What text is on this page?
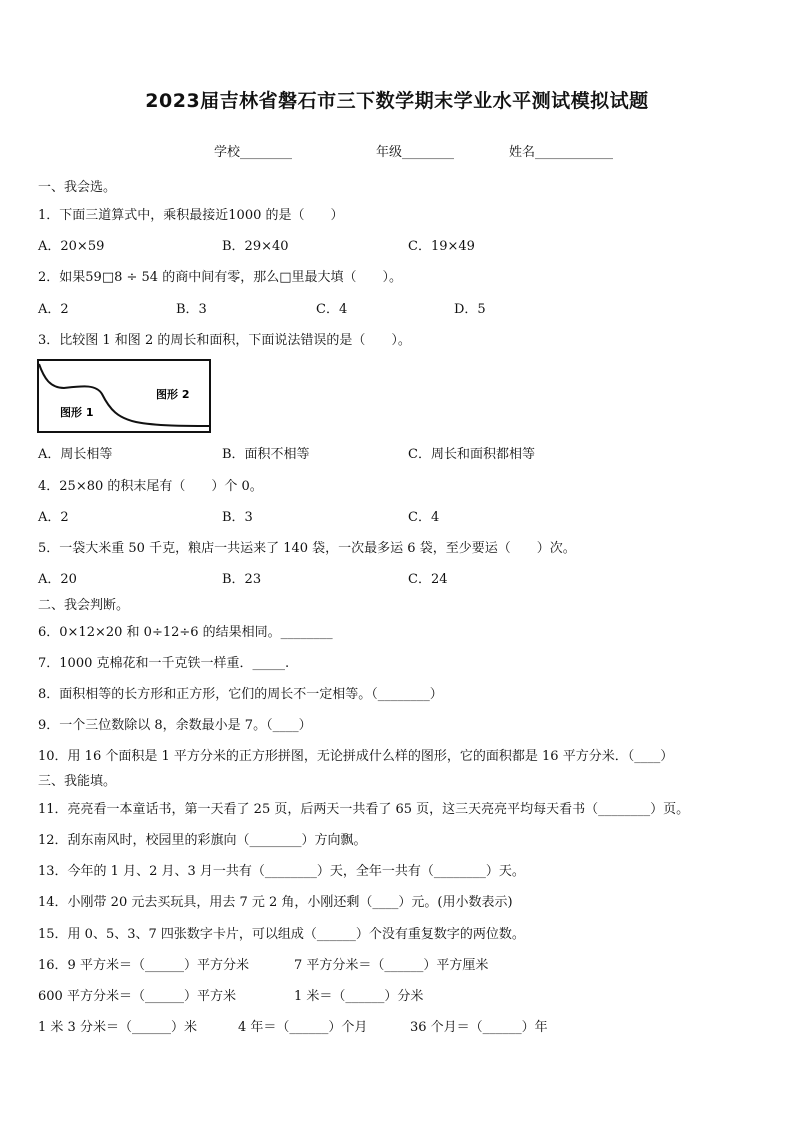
2023届吉林省磐石市三下数学期末学业水平测试模拟试题
学校________	年级________	姓名____________
一、我会选。
1．下面三道算式中，乘积最接近1000 的是（　　）
A．20×59	B．29×40	C．19×49
2．如果59□8 ÷ 54 的商中间有零，那么□里最大填（　　）。
A．2	B．3	C．4	D．5
3．比较图 1 和图 2 的周长和面积，下面说法错误的是（　　）。
图形 2
图形 1
A．周长相等	B．面积不相等	C．周长和面积都相等
4．25×80 的积末尾有（　　）个 0。
A．2	B．3	C．4
5．一袋大米重 50 千克，粮店一共运来了 140 袋，一次最多运 6 袋，至少要运（　　）次。
A．20	B．23	C．24
二、我会判断。
6．0×12×20 和 0÷12÷6 的结果相同。________
7．1000 克棉花和一千克铁一样重．_____.
8．面积相等的长方形和正方形，它们的周长不一定相等。（________）
9．一个三位数除以 8，余数最小是 7。（____）
10．用 16 个面积是 1 平方分米的正方形拼图，无论拼成什么样的图形，它的面积都是 16 平方分米．（____）
三、我能填。
11．亮亮看一本童话书，第一天看了 25 页，后两天一共看了 65 页，这三天亮亮平均每天看书（________）页。
12．刮东南风时，校园里的彩旗向（________）方向飘。
13．今年的 1 月、2 月、3 月一共有（________）天，全年一共有（________）天。
14．小刚带 20 元去买玩具，用去 7 元 2 角，小刚还剩（____）元。(用小数表示)
15．用 0、5、3、7 四张数字卡片，可以组成（______）个没有重复数字的两位数。
16．9 平方米＝（______）平方分米	7 平方分米＝（______）平方厘米
600 平方分米＝（______）平方米	1 米＝（______）分米
1 米 3 分米＝（______）米	4 年＝（______）个月	36 个月＝（______）年
